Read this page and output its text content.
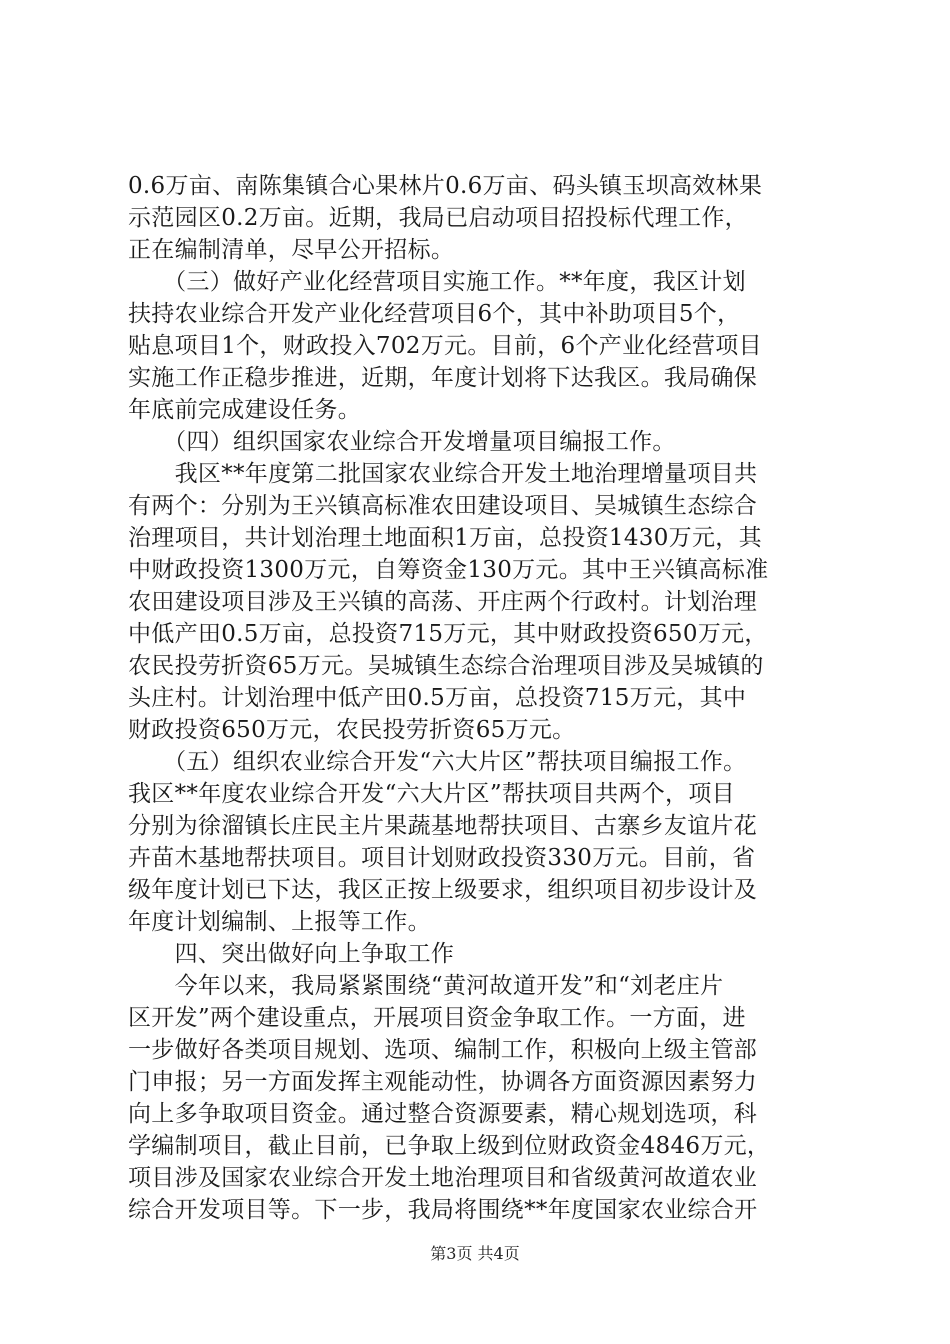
0.6万亩、南陈集镇合心果林片0.6万亩、码头镇玉坝高效林果
示范园区0.2万亩。近期，我局已启动项目招投标代理工作，
正在编制清单，尽早公开招标。
　　（三）做好产业化经营项目实施工作。**年度，我区计划
扶持农业综合开发产业化经营项目6个，其中补助项目5个，
贴息项目1个，财政投入702万元。目前，6个产业化经营项目
实施工作正稳步推进，近期，年度计划将下达我区。我局确保
年底前完成建设任务。
　　（四）组织国家农业综合开发增量项目编报工作。
　　我区**年度第二批国家农业综合开发土地治理增量项目共
有两个：分别为王兴镇高标准农田建设项目、吴城镇生态综合
治理项目，共计划治理土地面积1万亩，总投资1430万元，其
中财政投资1300万元，自筹资金130万元。其中王兴镇高标准
农田建设项目涉及王兴镇的高荡、开庄两个行政村。计划治理
中低产田0.5万亩，总投资715万元，其中财政投资650万元，
农民投劳折资65万元。吴城镇生态综合治理项目涉及吴城镇的
头庄村。计划治理中低产田0.5万亩，总投资715万元，其中
财政投资650万元，农民投劳折资65万元。
　　（五）组织农业综合开发“六大片区”帮扶项目编报工作。
我区**年度农业综合开发“六大片区”帮扶项目共两个，项目
分别为徐溜镇长庄民主片果蔬基地帮扶项目、古寨乡友谊片花
卉苗木基地帮扶项目。项目计划财政投资330万元。目前，省
级年度计划已下达，我区正按上级要求，组织项目初步设计及
年度计划编制、上报等工作。
　　四、突出做好向上争取工作
　　今年以来，我局紧紧围绕“黄河故道开发”和“刘老庄片
区开发”两个建设重点，开展项目资金争取工作。一方面，进
一步做好各类项目规划、选项、编制工作，积极向上级主管部
门申报；另一方面发挥主观能动性，协调各方面资源因素努力
向上多争取项目资金。通过整合资源要素，精心规划选项，科
学编制项目，截止目前，已争取上级到位财政资金4846万元，
项目涉及国家农业综合开发土地治理项目和省级黄河故道农业
综合开发项目等。下一步，我局将围绕**年度国家农业综合开
第3页 共4页
